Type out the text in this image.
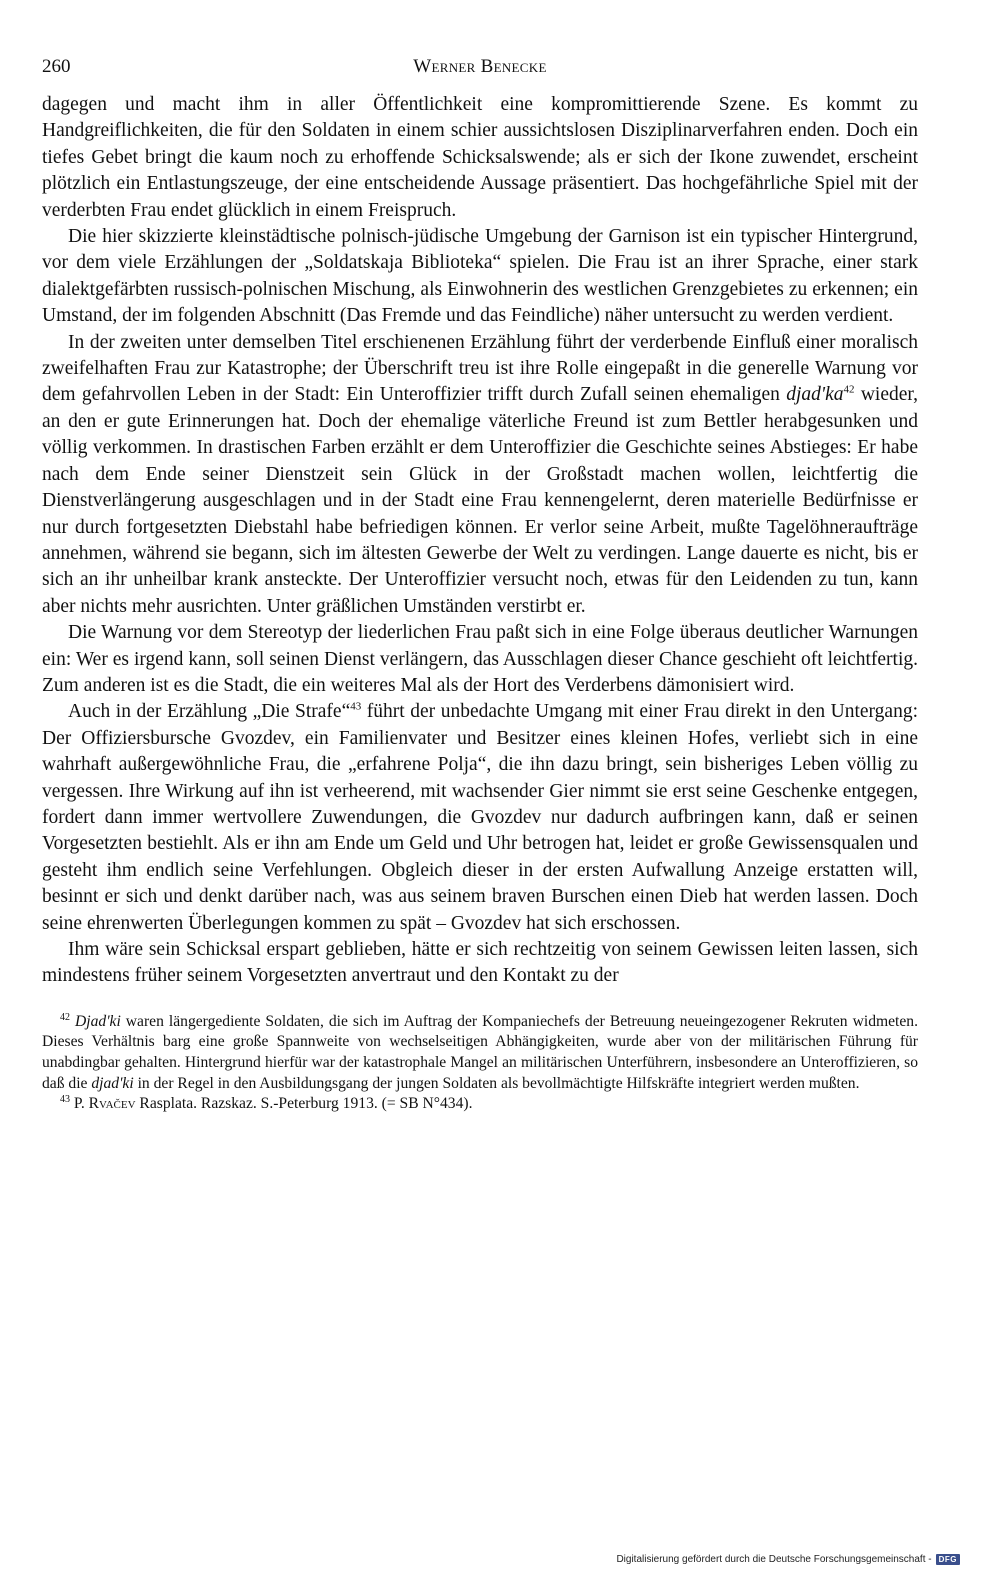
260	Werner Benecke

dagegen und macht ihm in aller Öffentlichkeit eine kompromittierende Szene. Es kommt zu Handgreiflichkeiten, die für den Soldaten in einem schier aussichtslosen Disziplinarverfahren enden. Doch ein tiefes Gebet bringt die kaum noch zu erhoffende Schicksalswende; als er sich der Ikone zuwendet, erscheint plötzlich ein Entlastungszeuge, der eine entscheidende Aussage präsentiert. Das hochgefährliche Spiel mit der verderbten Frau endet glücklich in einem Freispruch.

Die hier skizzierte kleinstädtische polnisch-jüdische Umgebung der Garnison ist ein typischer Hintergrund, vor dem viele Erzählungen der „Soldatskaja Biblioteka“ spielen. Die Frau ist an ihrer Sprache, einer stark dialektgefärbten russisch-polnischen Mischung, als Einwohnerin des westlichen Grenzgebietes zu erkennen; ein Umstand, der im folgenden Abschnitt (Das Fremde und das Feindliche) näher untersucht zu werden verdient.

In der zweiten unter demselben Titel erschienenen Erzählung führt der verderbende Einfluß einer moralisch zweifelhaften Frau zur Katastrophe; der Überschrift treu ist ihre Rolle eingepaßt in die generelle Warnung vor dem gefahrvollen Leben in der Stadt: Ein Unteroffizier trifft durch Zufall seinen ehemaligen djad'ka$^{42}$ wieder, an den er gute Erinnerungen hat. Doch der ehemalige väterliche Freund ist zum Bettler herabgesunken und völlig verkommen. In drastischen Farben erzählt er dem Unteroffizier die Geschichte seines Abstieges: Er habe nach dem Ende seiner Dienstzeit sein Glück in der Großstadt machen wollen, leichtfertig die Dienstverlängerung ausgeschlagen und in der Stadt eine Frau kennengelernt, deren materielle Bedürfnisse er nur durch fortgesetzten Diebstahl habe befriedigen können. Er verlor seine Arbeit, mußte Tagelöhneraufträge annehmen, während sie begann, sich im ältesten Gewerbe der Welt zu verdingen. Lange dauerte es nicht, bis er sich an ihr unheilbar krank ansteckte. Der Unteroffizier versucht noch, etwas für den Leidenden zu tun, kann aber nichts mehr ausrichten. Unter gräßlichen Umständen verstirbt er.

Die Warnung vor dem Stereotyp der liederlichen Frau paßt sich in eine Folge überaus deutlicher Warnungen ein: Wer es irgend kann, soll seinen Dienst verlängern, das Ausschlagen dieser Chance geschieht oft leichtfertig. Zum anderen ist es die Stadt, die ein weiteres Mal als der Hort des Verderbens dämonisiert wird.

Auch in der Erzählung „Die Strafe“$^{43}$ führt der unbedachte Umgang mit einer Frau direkt in den Untergang: Der Offiziersbursche Gvozdev, ein Familienvater und Besitzer eines kleinen Hofes, verliebt sich in eine wahrhaft außergewöhnliche Frau, die „erfahrene Polja“, die ihn dazu bringt, sein bisheriges Leben völlig zu vergessen. Ihre Wirkung auf ihn ist verheerend, mit wachsender Gier nimmt sie erst seine Geschenke entgegen, fordert dann immer wertvollere Zuwendungen, die Gvozdev nur dadurch aufbringen kann, daß er seinen Vorgesetzten bestiehlt. Als er ihn am Ende um Geld und Uhr betrogen hat, leidet er große Gewissensqualen und gesteht ihm endlich seine Verfehlungen. Obgleich dieser in der ersten Aufwallung Anzeige erstatten will, besinnt er sich und denkt darüber nach, was aus seinem braven Burschen einen Dieb hat werden lassen. Doch seine ehrenwerten Überlegungen kommen zu spät – Gvozdev hat sich erschossen.

Ihm wäre sein Schicksal erspart geblieben, hätte er sich rechtzeitig von seinem Gewissen leiten lassen, sich mindestens früher seinem Vorgesetzten anvertraut und den Kontakt zu der

$^{42}$ Djad'ki waren längergediente Soldaten, die sich im Auftrag der Kompaniechefs der Betreuung neueingezogener Rekruten widmeten. Dieses Verhältnis barg eine große Spannweite von wechselseitigen Abhängigkeiten, wurde aber von der militärischen Führung für unabdingbar gehalten. Hintergrund hierfür war der katastrophale Mangel an militärischen Unterführern, insbesondere an Unteroffizieren, so daß die djad'ki in der Regel in den Ausbildungsgang der jungen Soldaten als bevollmächtigte Hilfskräfte integriert werden mußten.

$^{43}$ P. Rvačev Rasplata. Razskaz. S.-Peterburg 1913. (= SB N°434).

Digitalisierung gefördert durch die Deutsche Forschungsgemeinschaft - DFG
